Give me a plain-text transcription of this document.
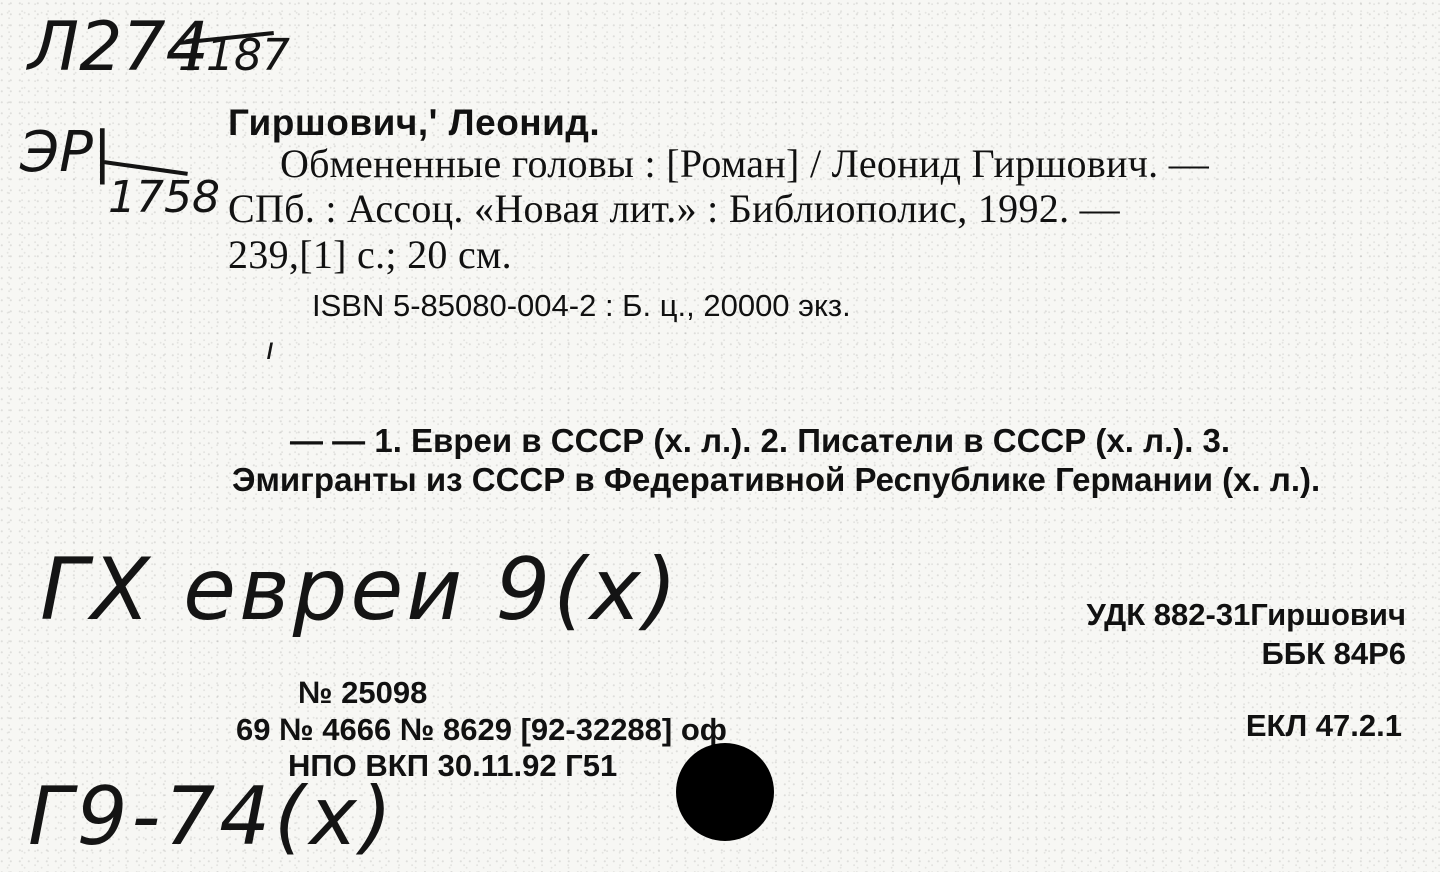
Л274
1187
ЭР|
1758
Гиршович,' Леонид.
Обмененные головы : [Роман] / Леонид Гиршович. —
СПб. : Ассоц. «Новая лит.» : Библиополис, 1992. —
239,[1] с.; 20 см.
ISBN 5-85080-004-2 : Б. ц., 20000 экз.
ı
— — 1. Евреи в СССР (х. л.). 2. Писатели в СССР (х. л.). 3.
Эмигранты из СССР в Федеративной Республике Германии (х. л.).
ГХ евреи 9(х)	УДК 882-31Гиршович
ББК 84Р6
ЕКЛ 47.2.1
№ 25098
69 № 4666 № 8629 [92-32288] оф
НПО ВКП 30.11.92 Г51
Г9-74(х)
